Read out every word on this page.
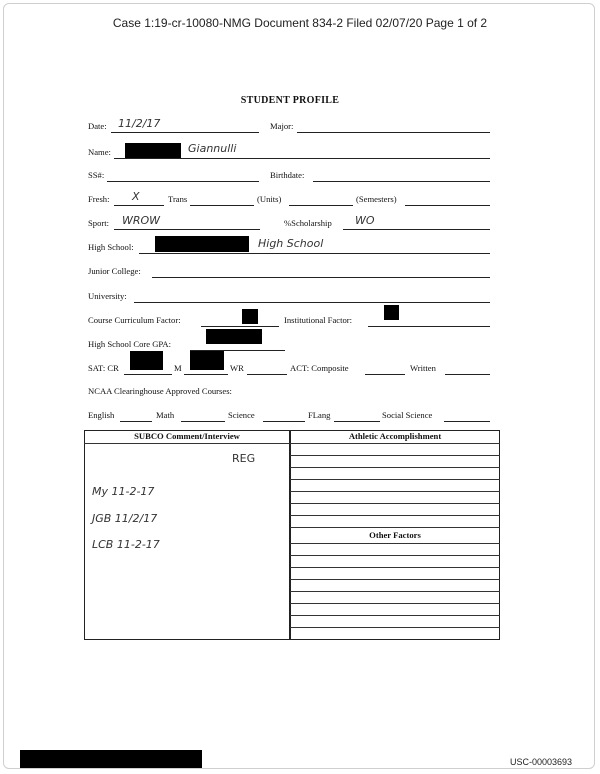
Case 1:19-cr-10080-NMG Document 834-2 Filed 02/07/20 Page 1 of 2
STUDENT PROFILE
Date: 11/2/17	Major:
Name:	Giannulli
SS#:	Birthdate:
Fresh: X	Trans	(Units)	(Semesters)
Sport: WROW	%Scholarship WO
High School:	High School
Junior College:
University:
Course Curriculum Factor:	Institutional Factor:
High School Core GPA:
SAT: CR	M	WR	ACT: Composite	Written
NCAA Clearinghouse Approved Courses:
English	Math	Science	FLang	Social Science
SUBCO Comment/Interview
REG
My 11-2-17
JGB 11/2/17
LCB 11-2-17
Athletic Accomplishment
Other Factors
USC-00003693
